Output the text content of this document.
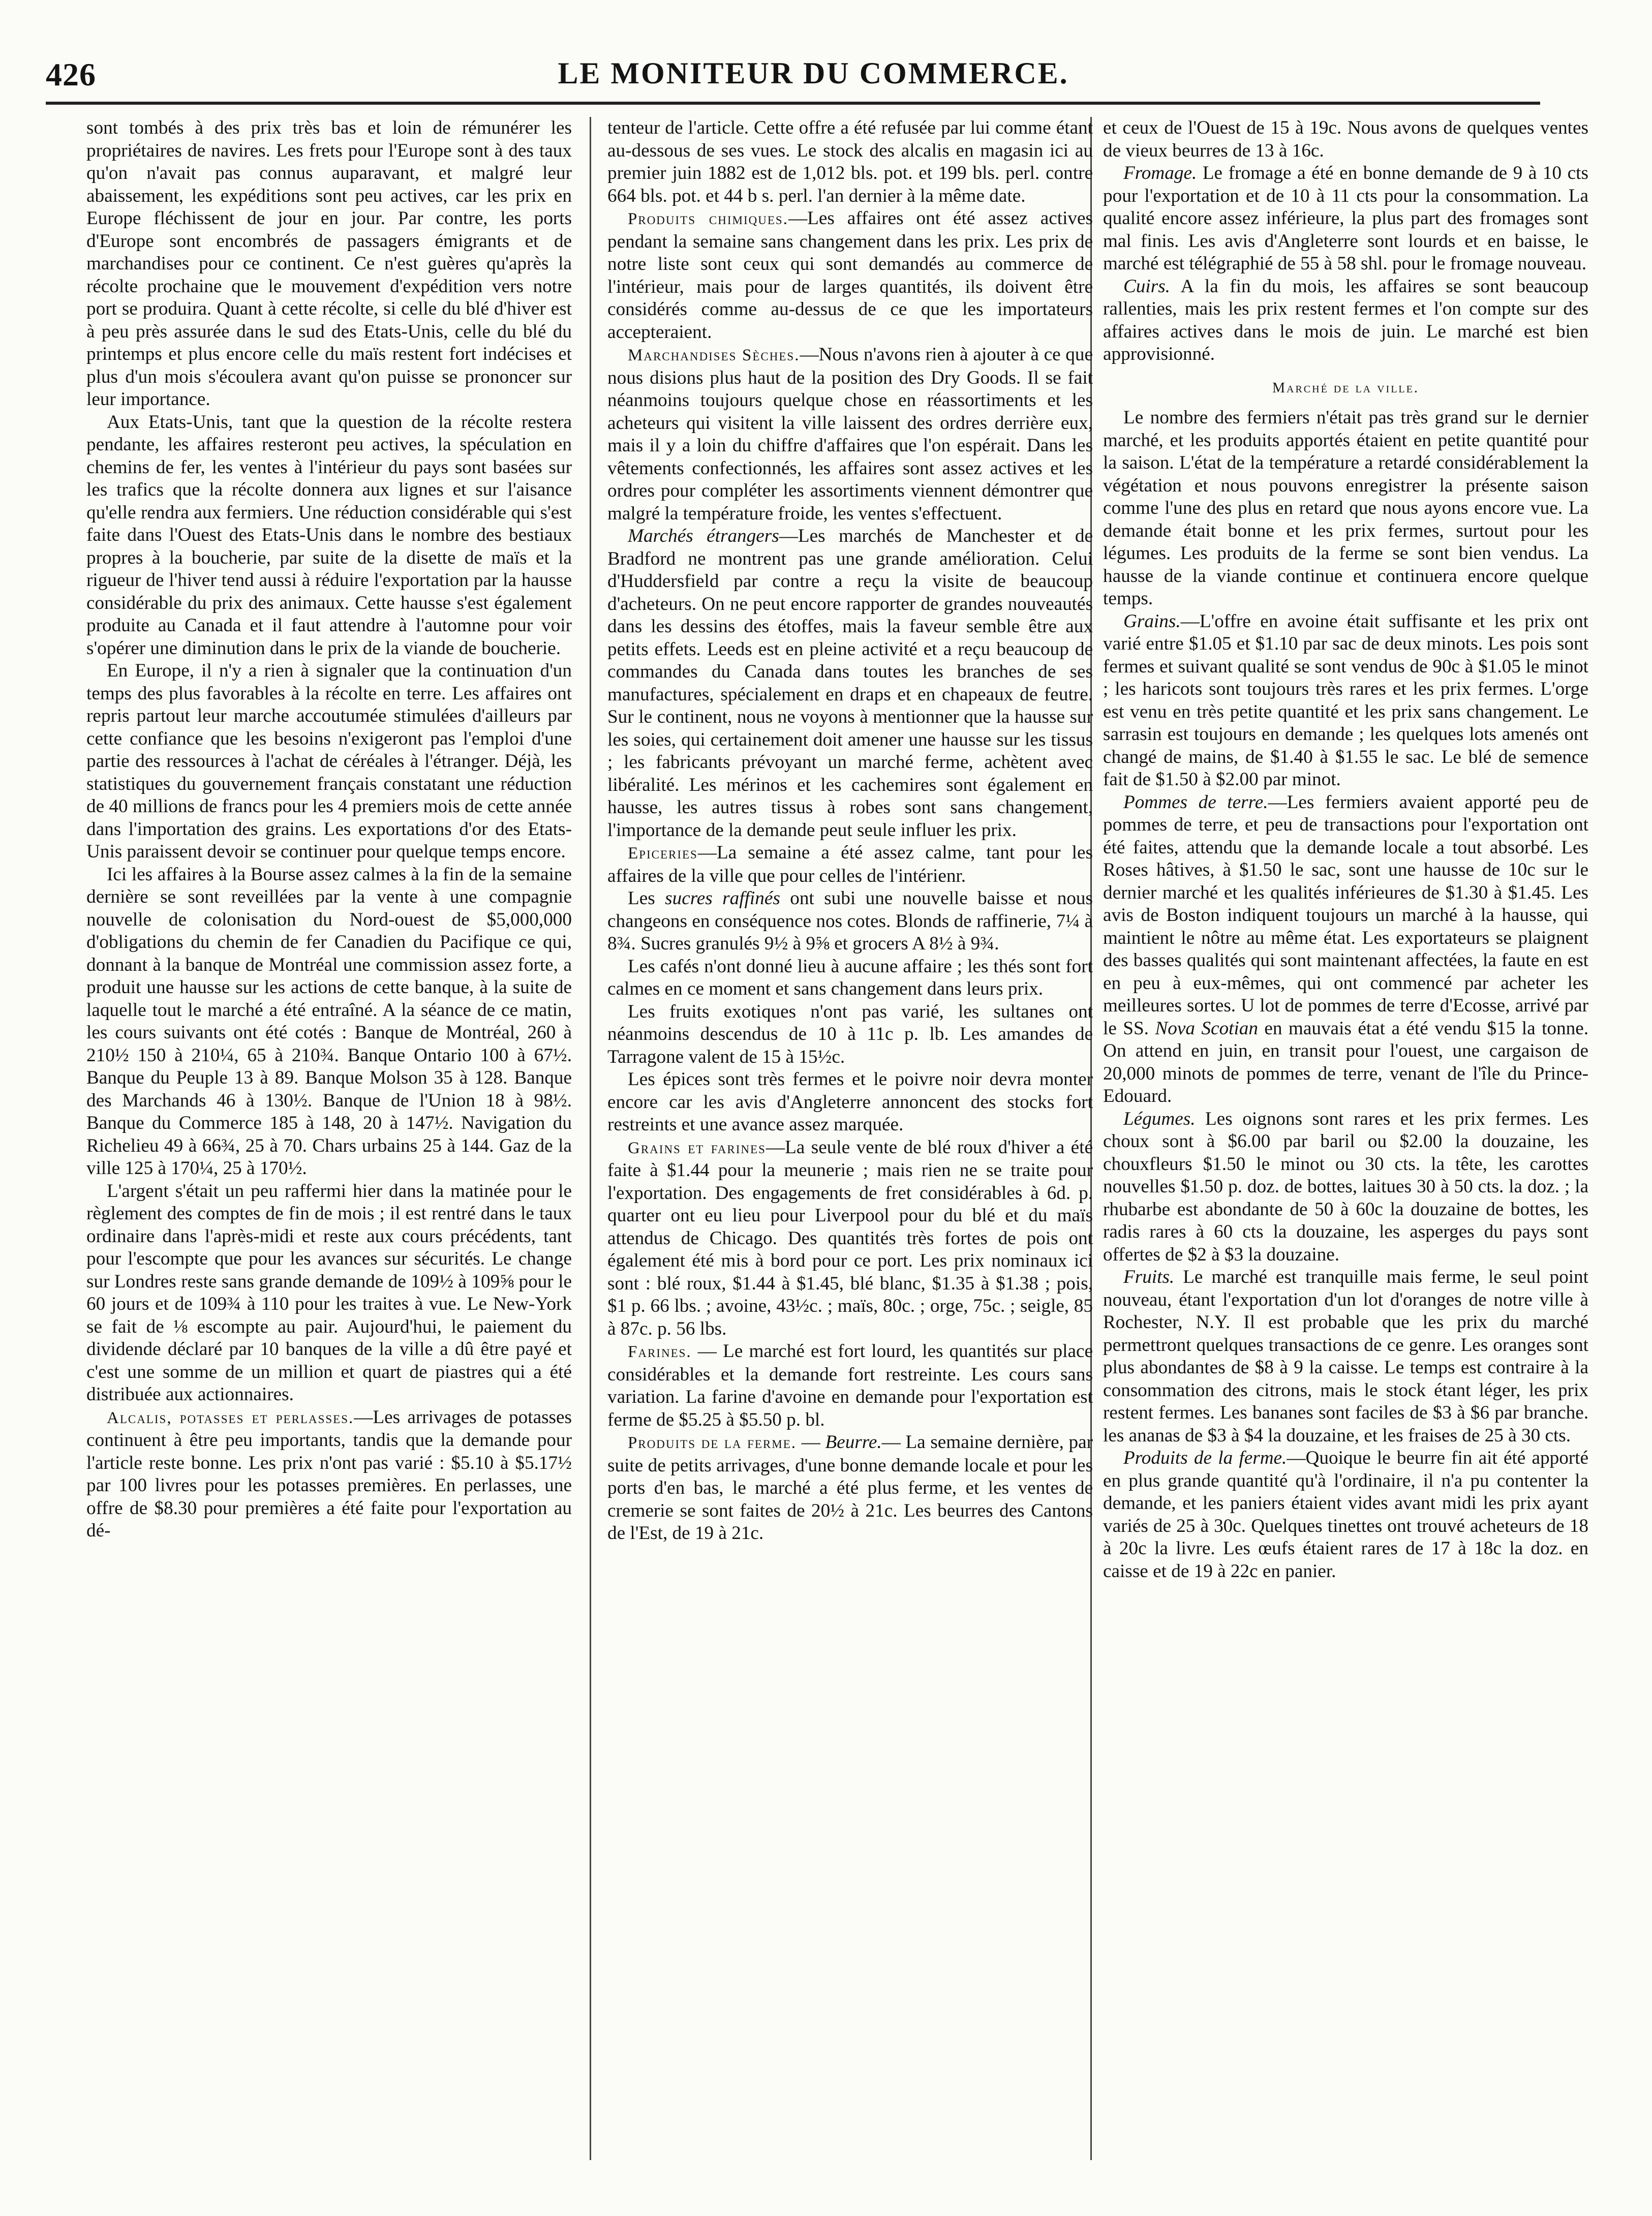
426	LE MONITEUR DU COMMERCE.

sont tombés à des prix très bas et loin de rémunérer les propriétaires de navires. Les frets pour l'Europe sont à des taux qu'on n'avait pas connus auparavant, et malgré leur abaissement, les expéditions sont peu actives, car les prix en Europe fléchissent de jour en jour. Par contre, les ports d'Europe sont encombrés de passagers émigrants et de marchandises pour ce continent. Ce n'est guères qu'après la récolte prochaine que le mouvement d'expédition vers notre port se produira. Quant à cette récolte, si celle du blé d'hiver est à peu près assurée dans le sud des Etats-Unis, celle du blé du printemps et plus encore celle du maïs restent fort indécises et plus d'un mois s'écoulera avant qu'on puisse se prononcer sur leur importance.

Aux Etats-Unis, tant que la question de la récolte restera pendante, les affaires resteront peu actives, la spéculation en chemins de fer, les ventes à l'intérieur du pays sont basées sur les trafics que la récolte donnera aux lignes et sur l'aisance qu'elle rendra aux fermiers. Une réduction considérable qui s'est faite dans l'Ouest des Etats-Unis dans le nombre des bestiaux propres à la boucherie, par suite de la disette de maïs et la rigueur de l'hiver tend aussi à réduire l'exportation par la hausse considérable du prix des animaux. Cette hausse s'est également produite au Canada et il faut attendre à l'automne pour voir s'opérer une diminution dans le prix de la viande de boucherie.

En Europe, il n'y a rien à signaler que la continuation d'un temps des plus favorables à la récolte en terre. Les affaires ont repris partout leur marche accoutumée stimulées d'ailleurs par cette confiance que les besoins n'exigeront pas l'emploi d'une partie des ressources à l'achat de céréales à l'étranger. Déjà, les statistiques du gouvernement français constatant une réduction de 40 millions de francs pour les 4 premiers mois de cette année dans l'importation des grains. Les exportations d'or des Etats-Unis paraissent devoir se continuer pour quelque temps encore.

Ici les affaires à la Bourse assez calmes à la fin de la semaine dernière se sont reveillées par la vente à une compagnie nouvelle de colonisation du Nord-ouest de $5,000,000 d'obligations du chemin de fer Canadien du Pacifique ce qui, donnant à la banque de Montréal une commission assez forte, a produit une hausse sur les actions de cette banque, à la suite de laquelle tout le marché a été entraîné. A la séance de ce matin, les cours suivants ont été cotés : Banque de Montréal, 260 à 210½ 150 à 210¼, 65 à 210¾. Banque Ontario 100 à 67½. Banque du Peuple 13 à 89. Banque Molson 35 à 128. Banque des Marchands 46 à 130½. Banque de l'Union 18 à 98½. Banque du Commerce 185 à 148, 20 à 147½. Navigation du Richelieu 49 à 66¾, 25 à 70. Chars urbains 25 à 144. Gaz de la ville 125 à 170¼, 25 à 170½.

L'argent s'était un peu raffermi hier dans la matinée pour le règlement des comptes de fin de mois ; il est rentré dans le taux ordinaire dans l'après-midi et reste aux cours précédents, tant pour l'escompte que pour les avances sur sécurités. Le change sur Londres reste sans grande demande de 109½ à 109⅝ pour le 60 jours et de 109¾ à 110 pour les traites à vue. Le New-York se fait de ⅛ escompte au pair. Aujourd'hui, le paiement du dividende déclaré par 10 banques de la ville a dû être payé et c'est une somme de un million et quart de piastres qui a été distribuée aux actionnaires.

Alcalis, potasses et perlasses.—Les arrivages de potasses continuent à être peu importants, tandis que la demande pour l'article reste bonne. Les prix n'ont pas varié : $5.10 à $5.17½ par 100 livres pour les potasses premières. En perlasses, une offre de $8.30 pour premières a été faite pour l'exportation au dé-

tenteur de l'article. Cette offre a été refusée par lui comme étant au-dessous de ses vues. Le stock des alcalis en magasin ici au premier juin 1882 est de 1,012 bls. pot. et 199 bls. perl. contre 664 bls. pot. et 44 b s. perl. l'an dernier à la même date.

Produits chimiques.—Les affaires ont été assez actives pendant la semaine sans changement dans les prix. Les prix de notre liste sont ceux qui sont demandés au commerce de l'intérieur, mais pour de larges quantités, ils doivent être considérés comme au-dessus de ce que les importateurs accepteraient.

Marchandises Sèches.—Nous n'avons rien à ajouter à ce que nous disions plus haut de la position des Dry Goods. Il se fait néanmoins toujours quelque chose en réassortiments et les acheteurs qui visitent la ville laissent des ordres derrière eux, mais il y a loin du chiffre d'affaires que l'on espérait. Dans les vêtements confectionnés, les affaires sont assez actives et les ordres pour compléter les assortiments viennent démontrer que malgré la température froide, les ventes s'effectuent.

Marchés étrangers—Les marchés de Manchester et de Bradford ne montrent pas une grande amélioration. Celui d'Huddersfield par contre a reçu la visite de beaucoup d'acheteurs. On ne peut encore rapporter de grandes nouveautés dans les dessins des étoffes, mais la faveur semble être aux petits effets. Leeds est en pleine activité et a reçu beaucoup de commandes du Canada dans toutes les branches de ses manufactures, spécialement en draps et en chapeaux de feutre. Sur le continent, nous ne voyons à mentionner que la hausse sur les soies, qui certainement doit amener une hausse sur les tissus ; les fabricants prévoyant un marché ferme, achètent avec libéralité. Les mérinos et les cachemires sont également en hausse, les autres tissus à robes sont sans changement, l'importance de la demande peut seule influer les prix.

Epiceries—La semaine a été assez calme, tant pour les affaires de la ville que pour celles de l'intérienr.

Les sucres raffinés ont subi une nouvelle baisse et nous changeons en conséquence nos cotes. Blonds de raffinerie, 7¼ à 8¾. Sucres granulés 9½ à 9⅝ et grocers A 8½ à 9¾.

Les cafés n'ont donné lieu à aucune affaire ; les thés sont fort calmes en ce moment et sans changement dans leurs prix.

Les fruits exotiques n'ont pas varié, les sultanes ont néanmoins descendus de 10 à 11c p. lb. Les amandes de Tarragone valent de 15 à 15½c.

Les épices sont très fermes et le poivre noir devra monter encore car les avis d'Angleterre annoncent des stocks fort restreints et une avance assez marquée.

Grains et farines—La seule vente de blé roux d'hiver a été faite à $1.44 pour la meunerie ; mais rien ne se traite pour l'exportation. Des engagements de fret considérables à 6d. p. quarter ont eu lieu pour Liverpool pour du blé et du maïs attendus de Chicago. Des quantités très fortes de pois ont également été mis à bord pour ce port. Les prix nominaux ici sont : blé roux, $1.44 à $1.45, blé blanc, $1.35 à $1.38 ; pois, $1 p. 66 lbs. ; avoine, 43½c. ; maïs, 80c. ; orge, 75c. ; seigle, 85 à 87c. p. 56 lbs.

Farines. — Le marché est fort lourd, les quantités sur place considérables et la demande fort restreinte. Les cours sans variation. La farine d'avoine en demande pour l'exportation est ferme de $5.25 à $5.50 p. bl.

Produits de la ferme. — Beurre.— La semaine dernière, par suite de petits arrivages, d'une bonne demande locale et pour les ports d'en bas, le marché a été plus ferme, et les ventes de cremerie se sont faites de 20½ à 21c. Les beurres des Cantons de l'Est, de 19 à 21c.

et ceux de l'Ouest de 15 à 19c. Nous avons de quelques ventes de vieux beurres de 13 à 16c.

Fromage. Le fromage a été en bonne demande de 9 à 10 cts pour l'exportation et de 10 à 11 cts pour la consommation. La qualité encore assez inférieure, la plus part des fromages sont mal finis. Les avis d'Angleterre sont lourds et en baisse, le marché est télégraphié de 55 à 58 shl. pour le fromage nouveau.

Cuirs. A la fin du mois, les affaires se sont beaucoup rallenties, mais les prix restent fermes et l'on compte sur des affaires actives dans le mois de juin. Le marché est bien approvisionné.

Marché de la ville.

Le nombre des fermiers n'était pas très grand sur le dernier marché, et les produits apportés étaient en petite quantité pour la saison. L'état de la température a retardé considérablement la végétation et nous pouvons enregistrer la présente saison comme l'une des plus en retard que nous ayons encore vue. La demande était bonne et les prix fermes, surtout pour les légumes. Les produits de la ferme se sont bien vendus. La hausse de la viande continue et continuera encore quelque temps.

Grains.—L'offre en avoine était suffisante et les prix ont varié entre $1.05 et $1.10 par sac de deux minots. Les pois sont fermes et suivant qualité se sont vendus de 90c à $1.05 le minot ; les haricots sont toujours très rares et les prix fermes. L'orge est venu en très petite quantité et les prix sans changement. Le sarrasin est toujours en demande ; les quelques lots amenés ont changé de mains, de $1.40 à $1.55 le sac. Le blé de semence fait de $1.50 à $2.00 par minot.

Pommes de terre.—Les fermiers avaient apporté peu de pommes de terre, et peu de transactions pour l'exportation ont été faites, attendu que la demande locale a tout absorbé. Les Roses hâtives, à $1.50 le sac, sont une hausse de 10c sur le dernier marché et les qualités inférieures de $1.30 à $1.45. Les avis de Boston indiquent toujours un marché à la hausse, qui maintient le nôtre au même état. Les exportateurs se plaignent des basses qualités qui sont maintenant affectées, la faute en est en peu à eux-mêmes, qui ont commencé par acheter les meilleures sortes. U lot de pommes de terre d'Ecosse, arrivé par le SS. Nova Scotian en mauvais état a été vendu $15 la tonne. On attend en juin, en transit pour l'ouest, une cargaison de 20,000 minots de pommes de terre, venant de l'île du Prince-Edouard.

Légumes. Les oignons sont rares et les prix fermes. Les choux sont à $6.00 par baril ou $2.00 la douzaine, les chouxfleurs $1.50 le minot ou 30 cts. la tête, les carottes nouvelles $1.50 p. doz. de bottes, laitues 30 à 50 cts. la doz. ; la rhubarbe est abondante de 50 à 60c la douzaine de bottes, les radis rares à 60 cts la douzaine, les asperges du pays sont offertes de $2 à $3 la douzaine.

Fruits. Le marché est tranquille mais ferme, le seul point nouveau, étant l'exportation d'un lot d'oranges de notre ville à Rochester, N.Y. Il est probable que les prix du marché permettront quelques transactions de ce genre. Les oranges sont plus abondantes de $8 à 9 la caisse. Le temps est contraire à la consommation des citrons, mais le stock étant léger, les prix restent fermes. Les bananes sont faciles de $3 à $6 par branche. les ananas de $3 à $4 la douzaine, et les fraises de 25 à 30 cts.

Produits de la ferme.—Quoique le beurre fin ait été apporté en plus grande quantité qu'à l'ordinaire, il n'a pu contenter la demande, et les paniers étaient vides avant midi les prix ayant variés de 25 à 30c. Quelques tinettes ont trouvé acheteurs de 18 à 20c la livre. Les œufs étaient rares de 17 à 18c la doz. en caisse et de 19 à 22c en panier.
